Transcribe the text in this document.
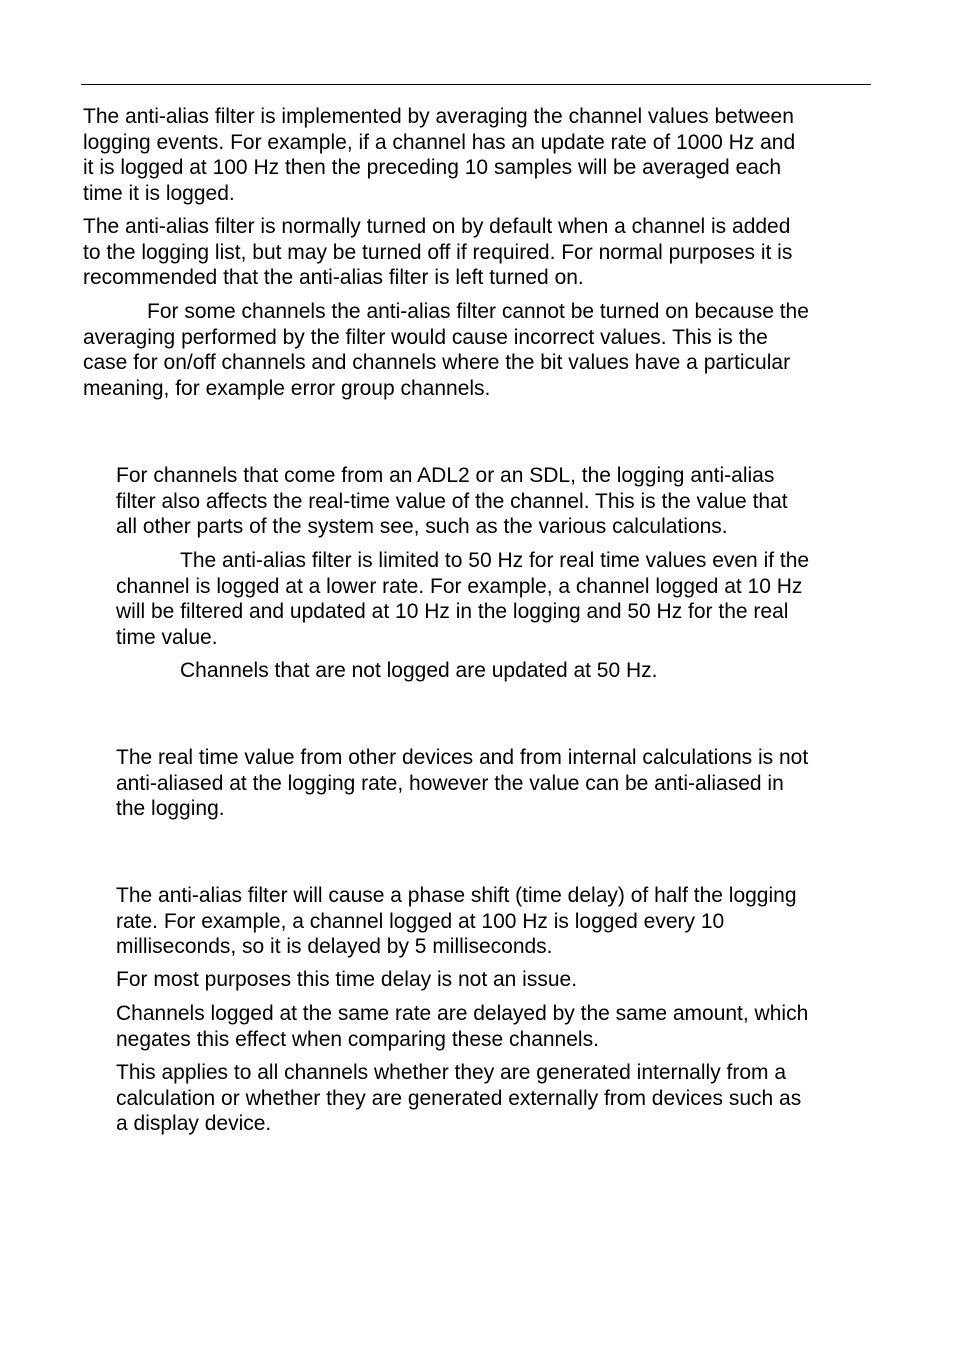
The anti-alias filter is implemented by averaging the channel values between
logging events. For example, if a channel has an update rate of 1000 Hz and
it is logged at 100 Hz then the preceding 10 samples will be averaged each
time it is logged.

The anti-alias filter is normally turned on by default when a channel is added
to the logging list, but may be turned off if required. For normal purposes it is
recommended that the anti-alias filter is left turned on.

For some channels the anti-alias filter cannot be turned on because the
averaging performed by the filter would cause incorrect values. This is the
case for on/off channels and channels where the bit values have a particular
meaning, for example error group channels.

For channels that come from an ADL2 or an SDL, the logging anti-alias
filter also affects the real-time value of the channel. This is the value that
all other parts of the system see, such as the various calculations.

The anti-alias filter is limited to 50 Hz for real time values even if the
channel is logged at a lower rate. For example, a channel logged at 10 Hz
will be filtered and updated at 10 Hz in the logging and 50 Hz for the real
time value.

Channels that are not logged are updated at 50 Hz.

The real time value from other devices and from internal calculations is not
anti-aliased at the logging rate, however the value can be anti-aliased in
the logging.

The anti-alias filter will cause a phase shift (time delay) of half the logging
rate. For example, a channel logged at 100 Hz is logged every 10
milliseconds, so it is delayed by 5 milliseconds.

For most purposes this time delay is not an issue.

Channels logged at the same rate are delayed by the same amount, which
negates this effect when comparing these channels.

This applies to all channels whether they are generated internally from a
calculation or whether they are generated externally from devices such as
a display device.
